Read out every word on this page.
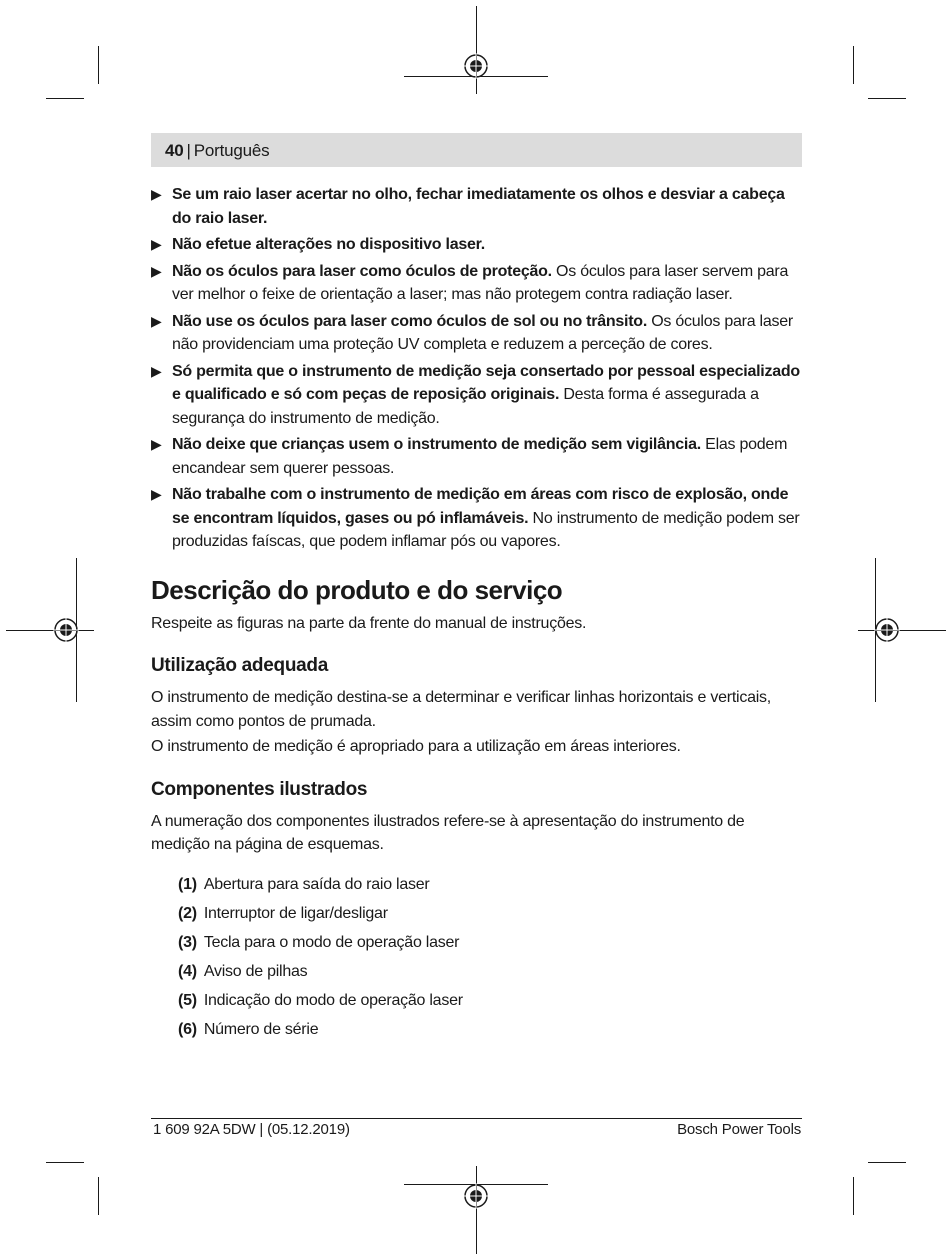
40 | Português
▶ Se um raio laser acertar no olho, fechar imediatamente os olhos e desviar a cabeça do raio laser.
▶ Não efetue alterações no dispositivo laser.
▶ Não os óculos para laser como óculos de proteção. Os óculos para laser servem para ver melhor o feixe de orientação a laser; mas não protegem contra radiação laser.
▶ Não use os óculos para laser como óculos de sol ou no trânsito. Os óculos para laser não providenciam uma proteção UV completa e reduzem a perceção de cores.
▶ Só permita que o instrumento de medição seja consertado por pessoal especializado e qualificado e só com peças de reposição originais. Desta forma é assegurada a segurança do instrumento de medição.
▶ Não deixe que crianças usem o instrumento de medição sem vigilância. Elas podem encandear sem querer pessoas.
▶ Não trabalhe com o instrumento de medição em áreas com risco de explosão, onde se encontram líquidos, gases ou pó inflamáveis. No instrumento de medição podem ser produzidas faíscas, que podem inflamar pós ou vapores.
Descrição do produto e do serviço

Respeite as figuras na parte da frente do manual de instruções.

Utilização adequada

O instrumento de medição destina-se a determinar e verificar linhas horizontais e verticais, assim como pontos de prumada.

O instrumento de medição é apropriado para a utilização em áreas interiores.

Componentes ilustrados

A numeração dos componentes ilustrados refere-se à apresentação do instrumento de medição na página de esquemas.

(1) Abertura para saída do raio laser
(2) Interruptor de ligar/desligar
(3) Tecla para o modo de operação laser
(4) Aviso de pilhas
(5) Indicação do modo de operação laser
(6) Número de série
1 609 92A 5DW | (05.12.2019)	Bosch Power Tools
